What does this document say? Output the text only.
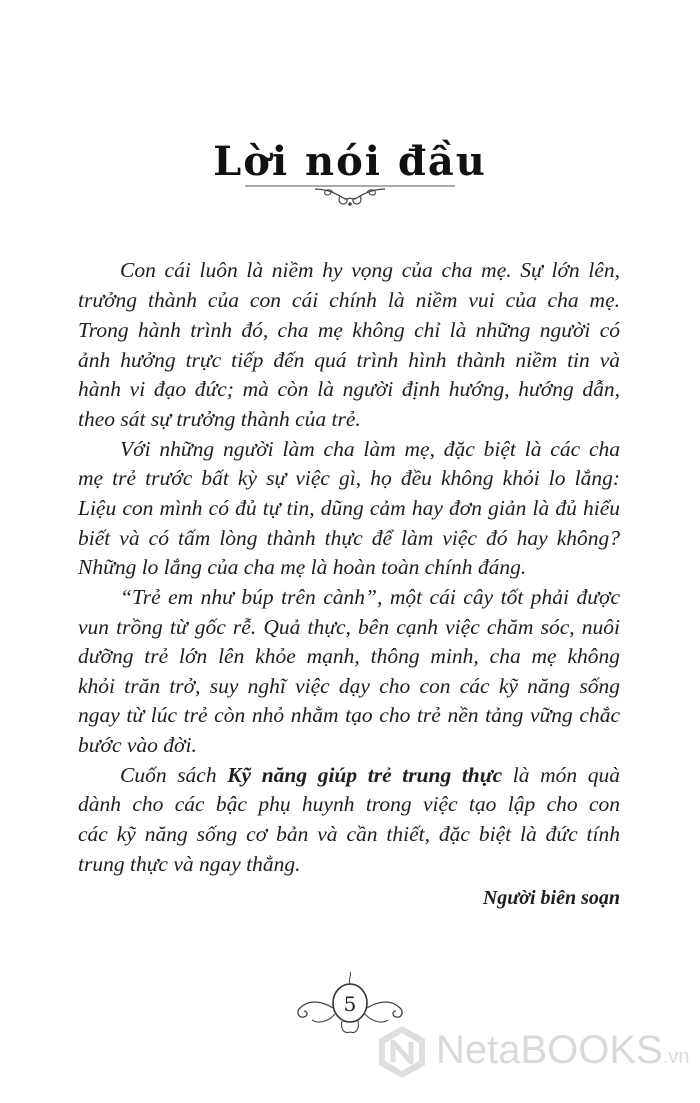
Lời nói đầu
Con cái luôn là niềm hy vọng của cha mẹ. Sự lớn lên,
trưởng thành của con cái chính là niềm vui của cha mẹ.
Trong hành trình đó, cha mẹ không chỉ là những người có
ảnh hưởng trực tiếp đến quá trình hình thành niềm tin và
hành vi đạo đức; mà còn là người định hướng, hướng dẫn,
theo sát sự trưởng thành của trẻ.
Với những người làm cha làm mẹ, đặc biệt là các cha
mẹ trẻ trước bất kỳ sự việc gì, họ đều không khỏi lo lắng:
Liệu con mình có đủ tự tin, dũng cảm hay đơn giản là đủ hiểu
biết và có tấm lòng thành thực để làm việc đó hay không?
Những lo lắng của cha mẹ là hoàn toàn chính đáng.
“Trẻ em như búp trên cành”, một cái cây tốt phải được
vun trồng từ gốc rễ. Quả thực, bên cạnh việc chăm sóc, nuôi
dưỡng trẻ lớn lên khỏe mạnh, thông minh, cha mẹ không
khỏi trăn trở, suy nghĩ việc dạy cho con các kỹ năng sống
ngay từ lúc trẻ còn nhỏ nhằm tạo cho trẻ nền tảng vững chắc
bước vào đời.
Cuốn sách Kỹ năng giúp trẻ trung thực là món quà
dành cho các bậc phụ huynh trong việc tạo lập cho con
các kỹ năng sống cơ bản và cần thiết, đặc biệt là đức tính
trung thực và ngay thẳng.
Người biên soạn
5
NetaBOOKS.vn
